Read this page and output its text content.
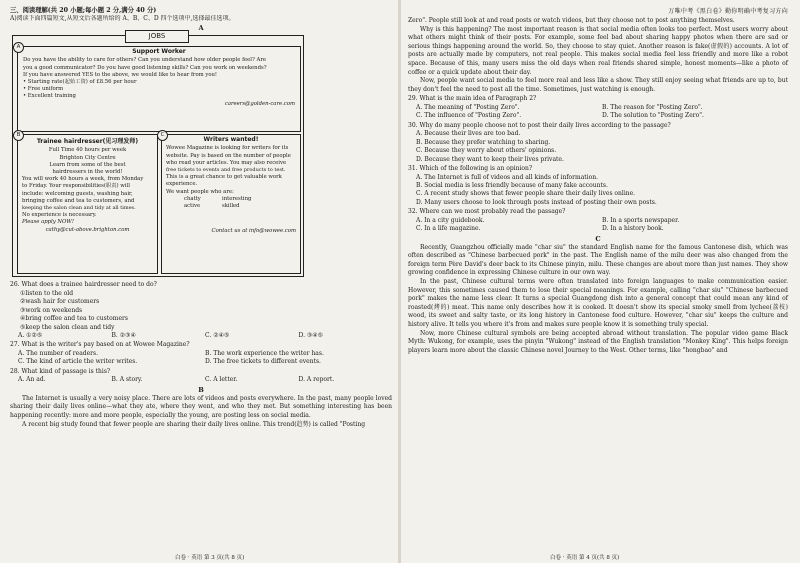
三、阅读理解(共 20 小题;每小题 2 分,满分 40 分)

A)阅读下面四篇短文,从短文后各题所给的 A、B、C、D 四个选项中,选择最佳选项。

A

JOBS
A

Support Worker

Do you have the ability to care for others? Can you understand how older people feel? Are

you a good communicator? Do you have good listening skills? Can you work on weekends?

If you have answered YES to the above, we would like to hear from you!

• Starting rate(起始工资) of £8.56 per hour

• Free uniform

• Excellent training

careers@golden-care.com

B

Trainee hairdresser(见习理发师)

Full Time 40 hours per week

Brighton City Centre

Learn from some of the best

hairdressers in the world!

You will work 40 hours a week, from Monday

to Friday. Your responsibilities(职责) will

include: welcoming guests, washing hair,

bringing coffee and tea to customers, and

keeping the salon clean and tidy at all times.

No experience is necessary.

Please apply NOW!

cathy@cut-above.brighton.com

C

Writers wanted!

Wowee Magazine is looking for writers for its

website. Pay is based on the number of people

who read your articles. You may also receive

free tickets to events and free products to test.

This is a great chance to get valuable work

experience.

We want people who are:

chatty	interesting
active	skilled

Contact us at info@wowee.com

26. What does a trainee hairdresser need to do?

①listen to the old

②wash hair for customers

③work on weekends

④bring coffee and tea to customers

⑤keep the salon clean and tidy

A. ①②⑤	B. ②③④	C. ②④⑤	D. ③④⑤

27. What is the writer's pay based on at Wowee Magazine?

A. The number of readers.	B. The work experience the writer has.
C. The kind of article the writer writes.	D. The free tickets to different events.

28. What kind of passage is this?

A. An ad.	B. A story.	C. A letter.	D. A report.

B

The Internet is usually a very noisy place. There are lots of videos and posts everywhere. In the past, many people loved sharing their daily lives online—what they ate, where they went, and who they met. But something interesting has been happening recently: more and more people, especially the young, are posting less on social media.

A recent big study found that fewer people are sharing their daily lives online. This trend(趋势) is called "Posting

白卷 · 英语 第 3 页(共 8 页)

万唯中考《黑白卷》勤你明确中考复习方向

Zero". People still look at and read posts or watch videos, but they choose not to post anything themselves.

Why is this happening? The most important reason is that social media often looks too perfect. Most users worry about what others might think of their posts. For example, some feel bad about sharing happy photos when there are sad or serious things happening around the world. So, they choose to stay quiet. Another reason is fake(虚假的) accounts. A lot of posts are actually made by computers, not real people. This makes social media feel less friendly and more like a robot space. Because of this, many users miss the old days when real friends shared simple, honest moments—like a photo of coffee or a quick update about their day.

Now, people want social media to feel more real and less like a show. They still enjoy seeing what friends are up to, but they don't feel the need to post all the time. Sometimes, just watching is enough.

29. What is the main idea of Paragraph 2?

A. The meaning of "Posting Zero".	B. The reason for "Posting Zero".
C. The influence of "Posting Zero".	D. The solution to "Posting Zero".

30. Why do many people choose not to post their daily lives according to the passage?

A. Because their lives are too bad.
B. Because they prefer watching to sharing.
C. Because they worry about others' opinions.
D. Because they want to keep their lives private.

31. Which of the following is an opinion?

A. The Internet is full of videos and all kinds of information.
B. Social media is less friendly because of many fake accounts.
C. A recent study shows that fewer people share their daily lives online.
D. Many users choose to look through posts instead of posting their own posts.

32. Where can we most probably read the passage?

A. In a city guidebook.	B. In a sports newspaper.
C. In a life magazine.	D. In a history book.

C

Recently, Guangzhou officially made "char siu" the standard English name for the famous Cantonese dish, which was often described as "Chinese barbecued pork" in the past. The English name of the milu deer was also changed from the foreign term Père David's deer back to its Chinese pinyin, milu. These changes are about more than just names. They show growing confidence in expressing Chinese culture in our own way.

In the past, Chinese cultural terms were often translated into foreign languages to make communication easier. However, this sometimes caused them to lose their special meanings. For example, calling "char siu" "Chinese barbecued pork" makes the name less clear. It turns a special Guangdong dish into a general concept that could mean any kind of roasted(烤的) meat. This name only describes how it is cooked. It doesn't show its special smoky smell from lychee(荔枝) wood, its sweet and salty taste, or its long history in Cantonese food culture. However, "char siu" keeps the culture and history alive. It tells you where it's from and makes sure people know it is something truly special.

Now, more Chinese cultural symbols are being accepted abroad without translation. The popular video game Black Myth: Wukong, for example, uses the pinyin "Wukong" instead of the English translation "Monkey King". This helps foreign players learn more about the classic Chinese novel Journey to the West. Other terms, like "hongbao" and

白卷 · 英语 第 4 页(共 8 页)
